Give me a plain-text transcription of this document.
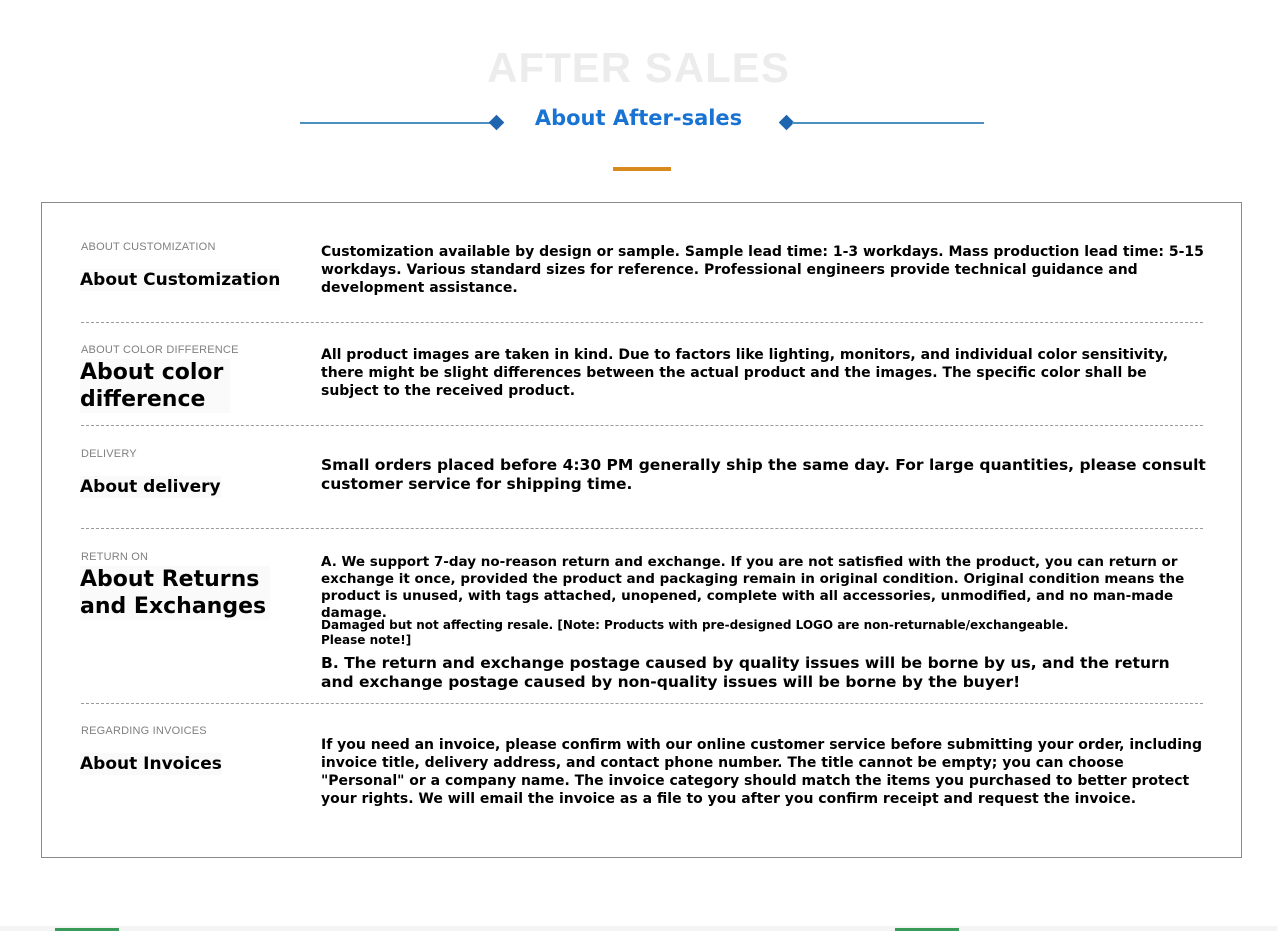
AFTER SALES
About After-sales
ABOUT CUSTOMIZATION
About Customization
Customization available by design or sample. Sample lead time: 1-3 workdays. Mass production lead time: 5-15 workdays. Various standard sizes for reference. Professional engineers provide technical guidance and development assistance.
ABOUT COLOR DIFFERENCE
About color difference
All product images are taken in kind. Due to factors like lighting, monitors, and individual color sensitivity, there might be slight differences between the actual product and the images. The specific color shall be subject to the received product.
DELIVERY
About delivery
Small orders placed before 4:30 PM generally ship the same day. For large quantities, please consult customer service for shipping time.
RETURN ON
About Returns and Exchanges
A. We support 7-day no-reason return and exchange. If you are not satisfied with the product, you can return or exchange it once, provided the product and packaging remain in original condition. Original condition means the product is unused, with tags attached, unopened, complete with all accessories, unmodified, and no man-made damage.
Damaged but not affecting resale. [Note: Products with pre-designed LOGO are non-returnable/exchangeable. Please note!]
B. The return and exchange postage caused by quality issues will be borne by us, and the return and exchange postage caused by non-quality issues will be borne by the buyer!
REGARDING INVOICES
About Invoices
If you need an invoice, please confirm with our online customer service before submitting your order, including invoice title, delivery address, and contact phone number. The title cannot be empty; you can choose "Personal" or a company name. The invoice category should match the items you purchased to better protect your rights. We will email the invoice as a file to you after you confirm receipt and request the invoice.
